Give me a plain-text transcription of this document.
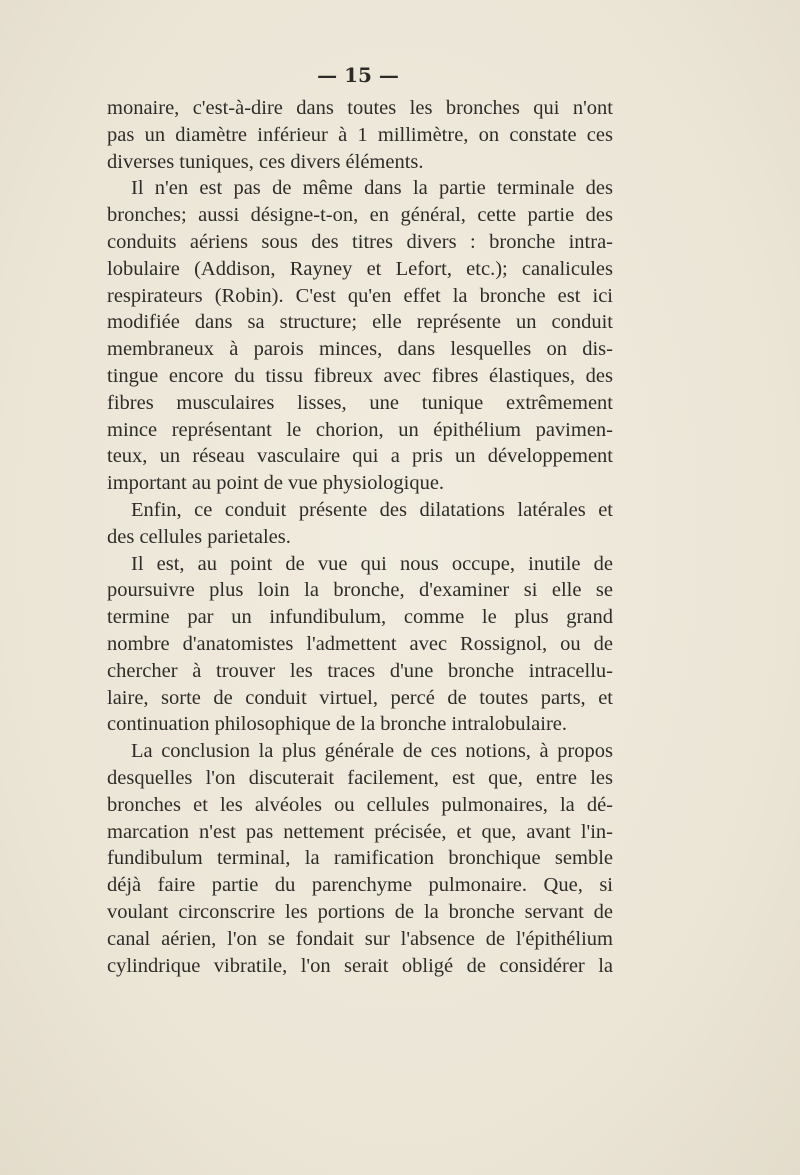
— 15 —
monaire, c'est-à-dire dans toutes les bronches qui n'ont
pas un diamètre inférieur à 1 millimètre, on constate ces
diverses tuniques, ces divers éléments.
Il n'en est pas de même dans la partie terminale des
bronches; aussi désigne-t-on, en général, cette partie des
conduits aériens sous des titres divers : bronche intra-
lobulaire (Addison, Rayney et Lefort, etc.); canalicules
respirateurs (Robin). C'est qu'en effet la bronche est ici
modifiée dans sa structure; elle représente un conduit
membraneux à parois minces, dans lesquelles on dis-
tingue encore du tissu fibreux avec fibres élastiques, des
fibres musculaires lisses, une tunique extrêmement
mince représentant le chorion, un épithélium pavimen-
teux, un réseau vasculaire qui a pris un développement
important au point de vue physiologique.
Enfin, ce conduit présente des dilatations latérales et
des cellules parietales.
Il est, au point de vue qui nous occupe, inutile de
poursuivre plus loin la bronche, d'examiner si elle se
termine par un infundibulum, comme le plus grand
nombre d'anatomistes l'admettent avec Rossignol, ou de
chercher à trouver les traces d'une bronche intracellu-
laire, sorte de conduit virtuel, percé de toutes parts, et
continuation philosophique de la bronche intralobulaire.
La conclusion la plus générale de ces notions, à propos
desquelles l'on discuterait facilement, est que, entre les
bronches et les alvéoles ou cellules pulmonaires, la dé-
marcation n'est pas nettement précisée, et que, avant l'in-
fundibulum terminal, la ramification bronchique semble
déjà faire partie du parenchyme pulmonaire. Que, si
voulant circonscrire les portions de la bronche servant de
canal aérien, l'on se fondait sur l'absence de l'épithélium
cylindrique vibratile, l'on serait obligé de considérer la
